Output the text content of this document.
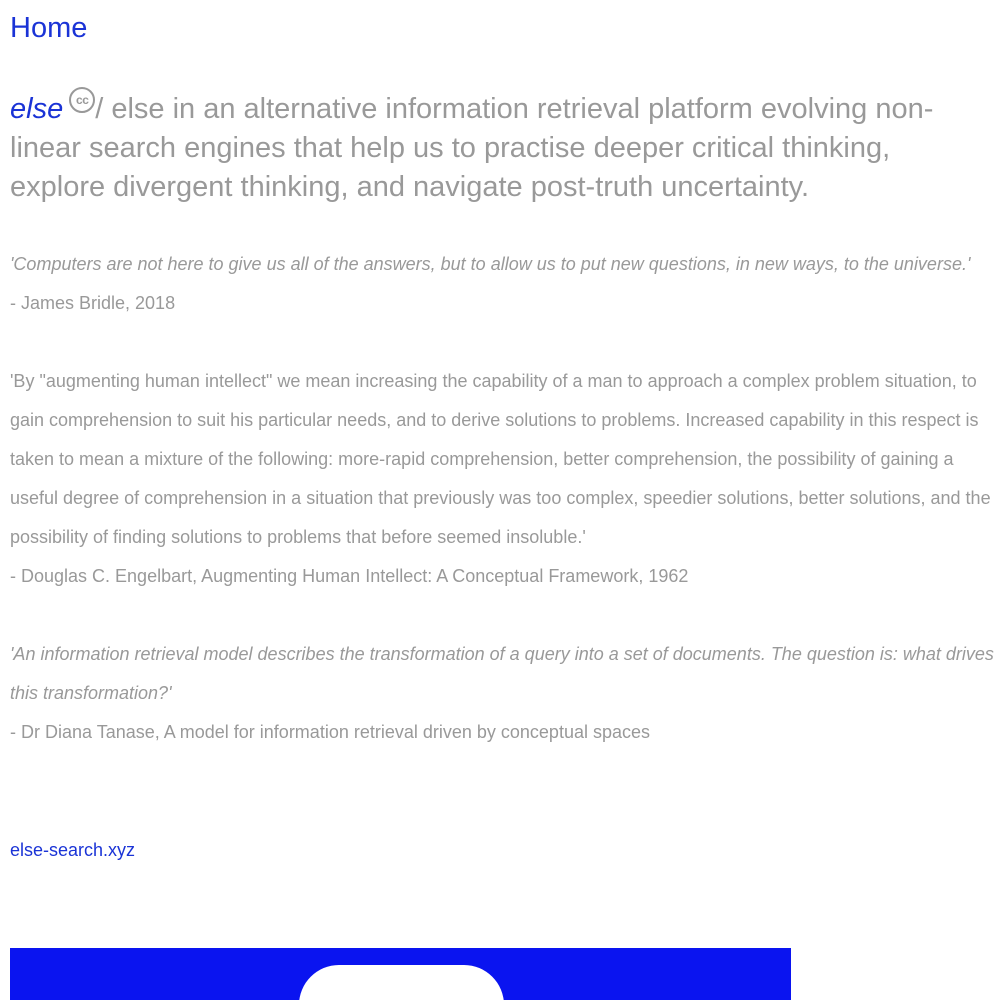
Home

else cc / else in an alternative information retrieval platform evolving non-linear search engines that help us to practise deeper critical thinking, explore divergent thinking, and navigate post-truth uncertainty.

'Computers are not here to give us all of the answers, but to allow us to put new questions, in new ways, to the universe.'

- James Bridle, 2018

'By "augmenting human intellect" we mean increasing the capability of a man to approach a complex problem situation, to gain comprehension to suit his particular needs, and to derive solutions to problems. Increased capability in this respect is taken to mean a mixture of the following: more-rapid comprehension, better comprehension, the possibility of gaining a useful degree of comprehension in a situation that previously was too complex, speedier solutions, better solutions, and the possibility of finding solutions to problems that before seemed insoluble.'

- Douglas C. Engelbart, Augmenting Human Intellect: A Conceptual Framework, 1962

'An information retrieval model describes the transformation of a query into a set of documents. The question is: what drives this transformation?'

- Dr Diana Tanase, A model for information retrieval driven by conceptual spaces

else-search.xyz
